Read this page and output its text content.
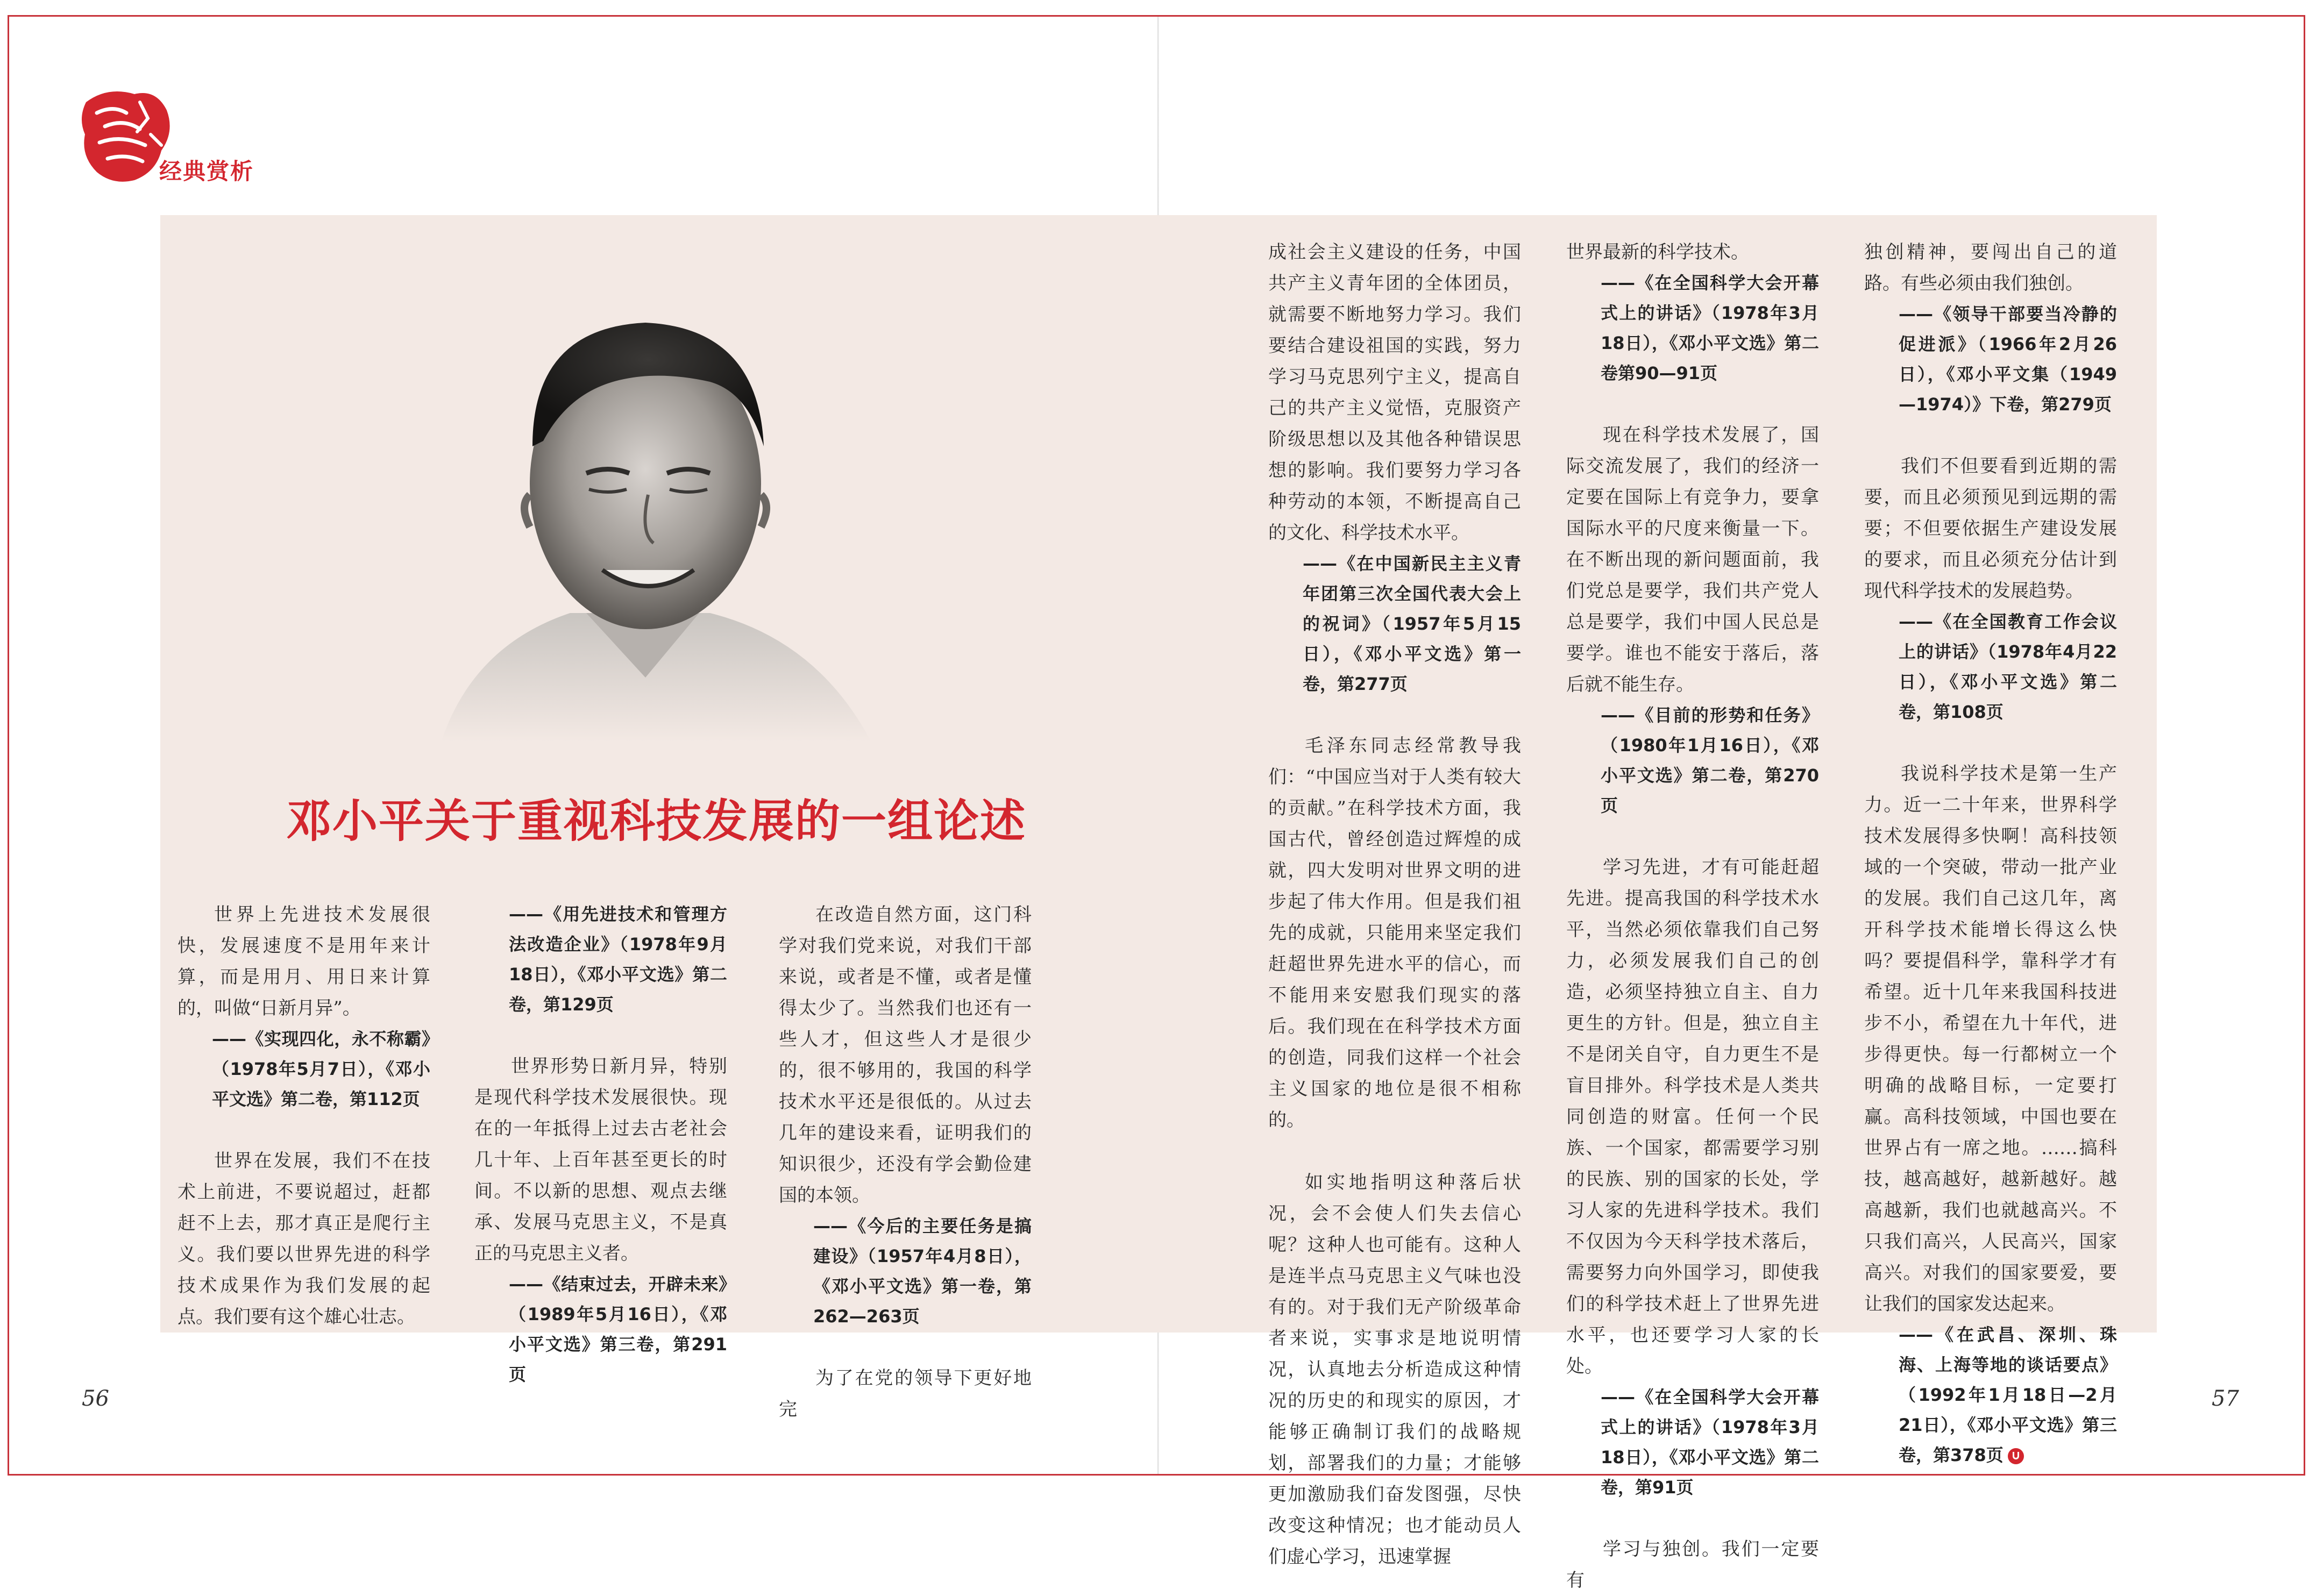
经典赏析
邓小平关于重视科技发展的一组论述

世界上先进技术发展很快，发展速度不是用年来计算，而是用月、用日来计算的，叫做“日新月异”。

——《实现四化，永不称霸》（1978年5月7日），《邓小平文选》第二卷，第112页

世界在发展，我们不在技术上前进，不要说超过，赶都赶不上去，那才真正是爬行主义。我们要以世界先进的科学技术成果作为我们发展的起点。我们要有这个雄心壮志。

——《用先进技术和管理方法改造企业》（1978年9月18日），《邓小平文选》第二卷，第129页

世界形势日新月异，特别是现代科学技术发展很快。现在的一年抵得上过去古老社会几十年、上百年甚至更长的时间。不以新的思想、观点去继承、发展马克思主义，不是真正的马克思主义者。

——《结束过去，开辟未来》（1989年5月16日），《邓小平文选》第三卷，第291页

在改造自然方面，这门科学对我们党来说，对我们干部来说，或者是不懂，或者是懂得太少了。当然我们也还有一些人才，但这些人才是很少的，很不够用的，我国的科学技术水平还是很低的。从过去几年的建设来看，证明我们的知识很少，还没有学会勤俭建国的本领。

——《今后的主要任务是搞建设》（1957年4月8日），《邓小平文选》第一卷，第262—263页

为了在党的领导下更好地完

成社会主义建设的任务，中国共产主义青年团的全体团员，就需要不断地努力学习。我们要结合建设祖国的实践，努力学习马克思列宁主义，提高自己的共产主义觉悟，克服资产阶级思想以及其他各种错误思想的影响。我们要努力学习各种劳动的本领，不断提高自己的文化、科学技术水平。

——《在中国新民主主义青年团第三次全国代表大会上的祝词》（1957年5月15日），《邓小平文选》第一卷，第277页

毛泽东同志经常教导我们：“中国应当对于人类有较大的贡献。”在科学技术方面，我国古代，曾经创造过辉煌的成就，四大发明对世界文明的进步起了伟大作用。但是我们祖先的成就，只能用来坚定我们赶超世界先进水平的信心，而不能用来安慰我们现实的落后。我们现在在科学技术方面的创造，同我们这样一个社会主义国家的地位是很不相称的。

如实地指明这种落后状况，会不会使人们失去信心呢？这种人也可能有。这种人是连半点马克思主义气味也没有的。对于我们无产阶级革命者来说，实事求是地说明情况，认真地去分析造成这种情况的历史的和现实的原因，才能够正确制订我们的战略规划，部署我们的力量；才能够更加激励我们奋发图强，尽快改变这种情况；也才能动员人们虚心学习，迅速掌握

世界最新的科学技术。

——《在全国科学大会开幕式上的讲话》（1978年3月18日），《邓小平文选》第二卷第90—91页

现在科学技术发展了，国际交流发展了，我们的经济一定要在国际上有竞争力，要拿国际水平的尺度来衡量一下。在不断出现的新问题面前，我们党总是要学，我们共产党人总是要学，我们中国人民总是要学。谁也不能安于落后，落后就不能生存。

——《目前的形势和任务》（1980年1月16日），《邓小平文选》第二卷，第270页

学习先进，才有可能赶超先进。提高我国的科学技术水平，当然必须依靠我们自己努力，必须发展我们自己的创造，必须坚持独立自主、自力更生的方针。但是，独立自主不是闭关自守，自力更生不是盲目排外。科学技术是人类共同创造的财富。任何一个民族、一个国家，都需要学习别的民族、别的国家的长处，学习人家的先进科学技术。我们不仅因为今天科学技术落后，需要努力向外国学习，即使我们的科学技术赶上了世界先进水平，也还要学习人家的长处。

——《在全国科学大会开幕式上的讲话》（1978年3月18日），《邓小平文选》第二卷，第91页

学习与独创。我们一定要有

独创精神，要闯出自己的道路。有些必须由我们独创。

——《领导干部要当冷静的促进派》（1966年2月26日），《邓小平文集（1949—1974）》下卷，第279页

我们不但要看到近期的需要，而且必须预见到远期的需要；不但要依据生产建设发展的要求，而且必须充分估计到现代科学技术的发展趋势。

——《在全国教育工作会议上的讲话》（1978年4月22日），《邓小平文选》第二卷，第108页

我说科学技术是第一生产力。近一二十年来，世界科学技术发展得多快啊！高科技领域的一个突破，带动一批产业的发展。我们自己这几年，离开科学技术能增长得这么快吗？要提倡科学，靠科学才有希望。近十几年来我国科技进步不小，希望在九十年代，进步得更快。每一行都树立一个明确的战略目标，一定要打赢。高科技领域，中国也要在世界占有一席之地。……搞科技，越高越好，越新越好。越高越新，我们也就越高兴。不只我们高兴，人民高兴，国家高兴。对我们的国家要爱，要让我们的国家发达起来。

——《在武昌、深圳、珠海、上海等地的谈话要点》（1992年1月18日—2月21日），《邓小平文选》第三卷，第378页

56	57
